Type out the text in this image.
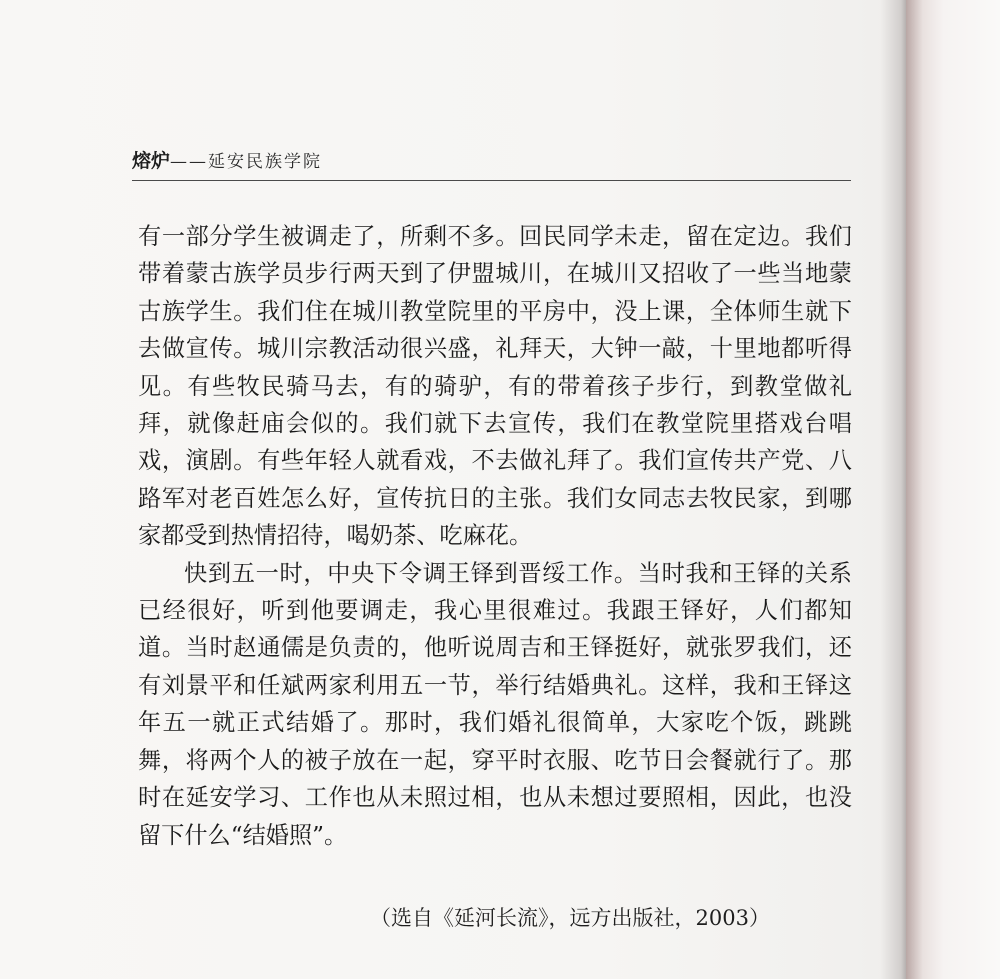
熔炉 —— 延安民族学院

有一部分学生被调走了，所剩不多。回民同学未走，留在定边。我们带着蒙古族学员步行两天到了伊盟城川，在城川又招收了一些当地蒙古族学生。我们住在城川教堂院里的平房中，没上课，全体师生就下去做宣传。城川宗教活动很兴盛，礼拜天，大钟一敲，十里地都听得见。有些牧民骑马去，有的骑驴，有的带着孩子步行，到教堂做礼拜，就像赶庙会似的。我们就下去宣传，我们在教堂院里搭戏台唱戏，演剧。有些年轻人就看戏，不去做礼拜了。我们宣传共产党、八路军对老百姓怎么好，宣传抗日的主张。我们女同志去牧民家，到哪家都受到热情招待，喝奶茶、吃麻花。

快到五一时，中央下令调王铎到晋绥工作。当时我和王铎的关系已经很好，听到他要调走，我心里很难过。我跟王铎好，人们都知道。当时赵通儒是负责的，他听说周吉和王铎挺好，就张罗我们，还有刘景平和任斌两家利用五一节，举行结婚典礼。这样，我和王铎这年五一就正式结婚了。那时，我们婚礼很简单，大家吃个饭，跳跳舞，将两个人的被子放在一起，穿平时衣服、吃节日会餐就行了。那时在延安学习、工作也从未照过相，也从未想过要照相，因此，也没留下什么“结婚照”。

（选自《延河长流》，远方出版社，2003）
